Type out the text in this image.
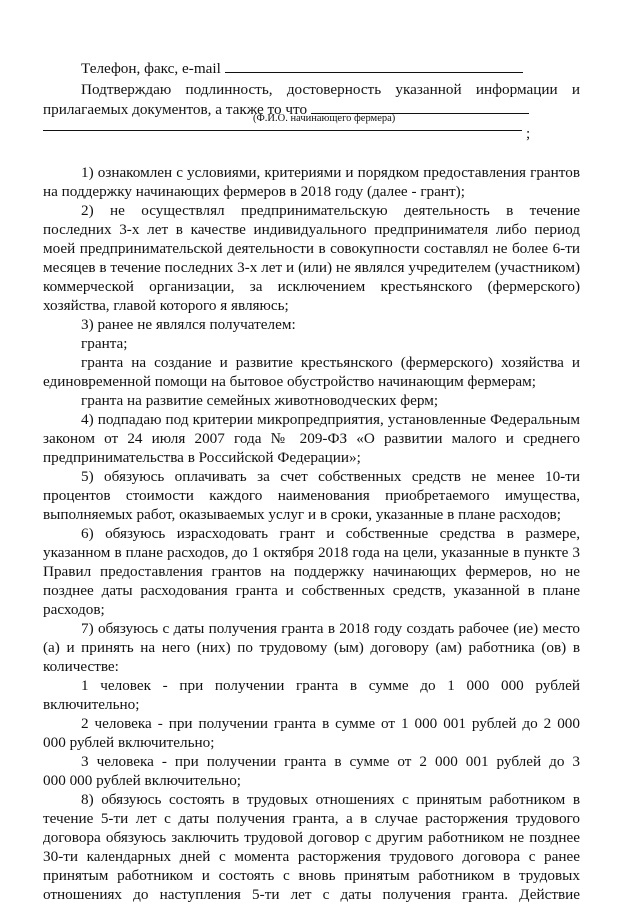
Телефон, факс, e-mail
Подтверждаю подлинность, достоверность указанной информации и
прилагаемых документов, а также то что
(Ф.И.О. начинающего фермера)
;
1) ознакомлен с условиями, критериями и порядком предоставления грантов
на поддержку начинающих фермеров в 2018 году (далее - грант);
2) не осуществлял предпринимательскую деятельность в течение
последних 3-х лет в качестве индивидуального предпринимателя либо период
моей предпринимательской деятельности в совокупности составлял не более 6-ти
месяцев в течение последних 3-х лет и (или) не являлся учредителем (участником)
коммерческой организации, за исключением крестьянского (фермерского)
хозяйства, главой которого я являюсь;
3) ранее не являлся получателем:
гранта;
гранта на создание и развитие крестьянского (фермерского) хозяйства и
единовременной помощи на бытовое обустройство начинающим фермерам;
гранта на развитие семейных животноводческих ферм;
4) подпадаю под критерии микропредприятия, установленные Федеральным
законом от 24 июля 2007 года № 209-ФЗ «О развитии малого и среднего
предпринимательства в Российской Федерации»;
5) обязуюсь оплачивать за счет собственных средств не менее 10-ти
процентов стоимости каждого наименования приобретаемого имущества,
выполняемых работ, оказываемых услуг и в сроки, указанные в плане расходов;
6) обязуюсь израсходовать грант и собственные средства в размере,
указанном в плане расходов, до 1 октября 2018 года на цели, указанные в пункте 3
Правил предоставления грантов на поддержку начинающих фермеров, но не
позднее даты расходования гранта и собственных средств, указанной в плане
расходов;
7) обязуюсь с даты получения гранта в 2018 году создать рабочее (ие) место
(а) и принять на него (них) по трудовому (ым) договору (ам) работника (ов) в
количестве:
1 человек - при получении гранта в сумме до 1 000 000 рублей
включительно;
2 человека - при получении гранта в сумме от 1 000 001 рублей до 2 000
000 рублей включительно;
3 человека - при получении гранта в сумме от 2 000 001 рублей до 3
000 000 рублей включительно;
8) обязуюсь состоять в трудовых отношениях с принятым работником в
течение 5-ти лет с даты получения гранта, а в случае расторжения трудового
договора обязуюсь заключить трудовой договор с другим работником не позднее
30-ти календарных дней с момента расторжения трудового договора с ранее
принятым работником и состоять с вновь принятым работником в трудовых
отношениях до наступления 5-ти лет с даты получения гранта. Действие
